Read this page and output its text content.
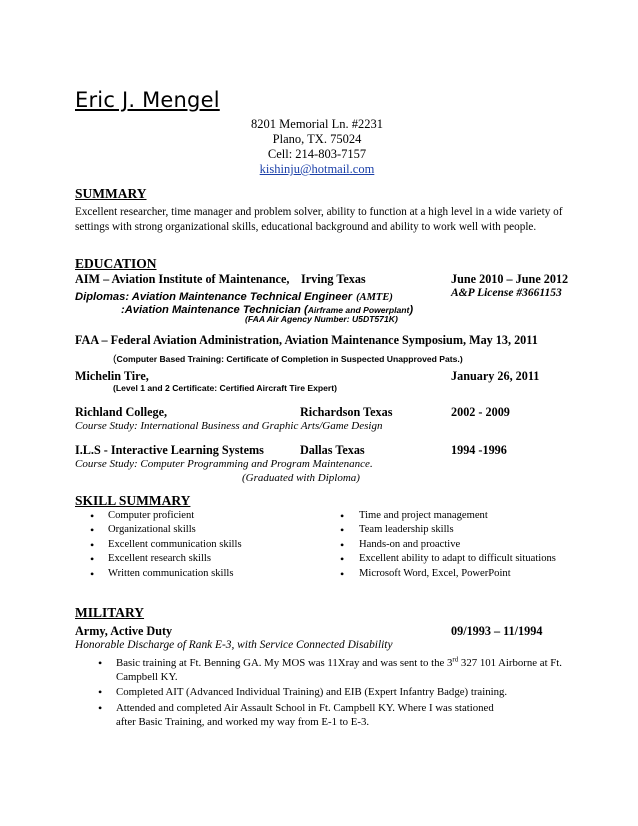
Eric J. Mengel
8201 Memorial Ln. #2231
Plano, TX. 75024
Cell: 214-803-7157
kishinju@hotmail.com
SUMMARY
Excellent researcher, time manager and problem solver, ability to function at a high level in a wide variety of settings with strong organizational skills, educational background and ability to work well with people.
EDUCATION
AIM – Aviation Institute of Maintenance, Irving Texas	June 2010 – June 2012
Diplomas: Aviation Maintenance Technical Engineer (AMTE)	A&P License #3661153
:Aviation Maintenance Technician (Airframe and Powerplant)
(FAA Air Agency Number: U5DT571K)
FAA – Federal Aviation Administration, Aviation Maintenance Symposium, May 13, 2011
(Computer Based Training: Certificate of Completion in Suspected Unapproved Pats.)
Michelin Tire,	January 26, 2011
(Level 1 and 2 Certificate: Certified Aircraft Tire Expert)
Richland College,	Richardson Texas	2002 - 2009
Course Study: International Business and Graphic Arts/Game Design
I.L.S - Interactive Learning Systems	Dallas Texas	1994 -1996
Course Study: Computer Programming and Program Maintenance.
(Graduated with Diploma)
SKILL SUMMARY
• Computer proficient
• Organizational skills
• Excellent communication skills
• Excellent research skills
• Written communication skills
• Time and project management
• Team leadership skills
• Hands-on and proactive
• Excellent ability to adapt to difficult situations
• Microsoft Word, Excel, PowerPoint
MILITARY
Army, Active Duty	09/1993 – 11/1994
Honorable Discharge of Rank E-3, with Service Connected Disability
• Basic training at Ft. Benning GA. My MOS was 11Xray and was sent to the 3rd 327 101 Airborne at Ft. Campbell KY.
• Completed AIT (Advanced Individual Training) and EIB (Expert Infantry Badge) training.
• Attended and completed Air Assault School in Ft. Campbell KY. Where I was stationed after Basic Training, and worked my way from E-1 to E-3.
